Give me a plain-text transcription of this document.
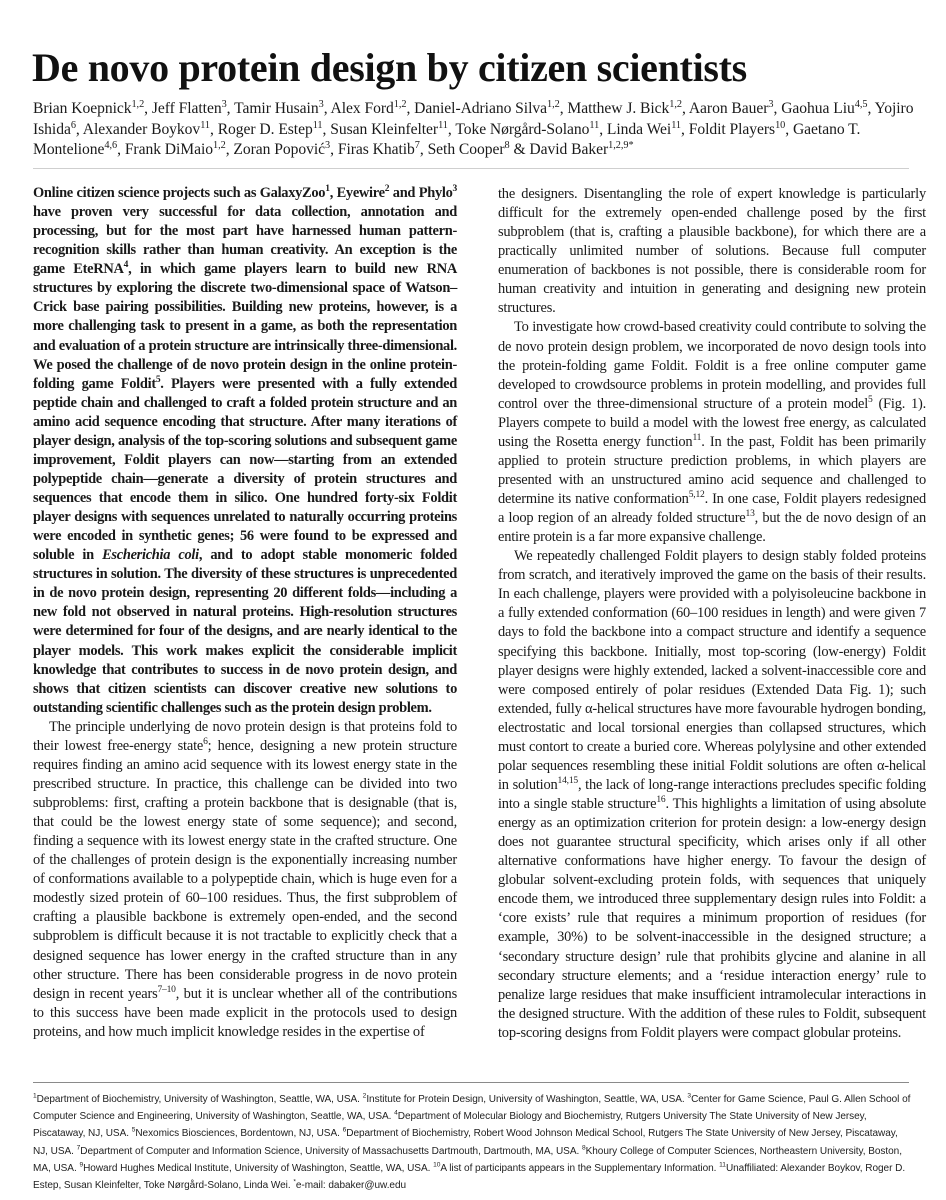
De novo protein design by citizen scientists
Brian Koepnick$^{1,2}$, Jeff Flatten$^3$, Tamir Husain$^3$, Alex Ford$^{1,2}$, Daniel-Adriano Silva$^{1,2}$, Matthew J. Bick$^{1,2}$, Aaron Bauer$^3$, Gaohua Liu$^{4,5}$, Yojiro Ishida$^6$, Alexander Boykov$^{11}$, Roger D. Estep$^{11}$, Susan Kleinfelter$^{11}$, Toke Nørgård-Solano$^{11}$, Linda Wei$^{11}$, Foldit Players$^{10}$, Gaetano T. Montelione$^{4,6}$, Frank DiMaio$^{1,2}$, Zoran Popović$^3$, Firas Khatib$^7$, Seth Cooper$^8$ & David Baker$^{1,2,9*}$

Online citizen science projects such as GalaxyZoo$^1$, Eyewire$^2$ and Phylo$^3$ have proven very successful for data collection, annotation and processing, but for the most part have harnessed human pattern-recognition skills rather than human creativity. An exception is the game EteRNA$^4$, in which game players learn to build new RNA structures by exploring the discrete two-dimensional space of Watson–Crick base pairing possibilities. Building new proteins, however, is a more challenging task to present in a game, as both the representation and evaluation of a protein structure are intrinsically three-dimensional. We posed the challenge of de novo protein design in the online protein-folding game Foldit$^5$. Players were presented with a fully extended peptide chain and challenged to craft a folded protein structure and an amino acid sequence encoding that structure. After many iterations of player design, analysis of the top-scoring solutions and subsequent game improvement, Foldit players can now—starting from an extended polypeptide chain—generate a diversity of protein structures and sequences that encode them in silico. One hundred forty-six Foldit player designs with sequences unrelated to naturally occurring proteins were encoded in synthetic genes; 56 were found to be expressed and soluble in Escherichia coli, and to adopt stable monomeric folded structures in solution. The diversity of these structures is unprecedented in de novo protein design, representing 20 different folds—including a new fold not observed in natural proteins. High-resolution structures were determined for four of the designs, and are nearly identical to the player models. This work makes explicit the considerable implicit knowledge that contributes to success in de novo protein design, and shows that citizen scientists can discover creative new solutions to outstanding scientific challenges such as the protein design problem.

The principle underlying de novo protein design is that proteins fold to their lowest free-energy state$^6$; hence, designing a new protein structure requires finding an amino acid sequence with its lowest energy state in the prescribed structure. In practice, this challenge can be divided into two subproblems: first, crafting a protein backbone that is designable (that is, that could be the lowest energy state of some sequence); and second, finding a sequence with its lowest energy state in the crafted structure. One of the challenges of protein design is the exponentially increasing number of conformations available to a polypeptide chain, which is huge even for a modestly sized protein of 60–100 residues. Thus, the first subproblem of crafting a plausible backbone is extremely open-ended, and the second subproblem is difficult because it is not tractable to explicitly check that a designed sequence has lower energy in the crafted structure than in any other structure. There has been considerable progress in de novo protein design in recent years$^{7-10}$, but it is unclear whether all of the contributions to this success have been made explicit in the protocols used to design proteins, and how much implicit knowledge resides in the expertise of

the designers. Disentangling the role of expert knowledge is particularly difficult for the extremely open-ended challenge posed by the first subproblem (that is, crafting a plausible backbone), for which there are a practically unlimited number of solutions. Because full computer enumeration of backbones is not possible, there is considerable room for human creativity and intuition in generating and designing new protein structures.

To investigate how crowd-based creativity could contribute to solving the de novo protein design problem, we incorporated de novo design tools into the protein-folding game Foldit. Foldit is a free online computer game developed to crowdsource problems in protein modelling, and provides full control over the three-dimensional structure of a protein model$^5$ (Fig. 1). Players compete to build a model with the lowest free energy, as calculated using the Rosetta energy function$^{11}$. In the past, Foldit has been primarily applied to protein structure prediction problems, in which players are presented with an unstructured amino acid sequence and challenged to determine its native conformation$^{5,12}$. In one case, Foldit players redesigned a loop region of an already folded structure$^{13}$, but the de novo design of an entire protein is a far more expansive challenge.

We repeatedly challenged Foldit players to design stably folded proteins from scratch, and iteratively improved the game on the basis of their results. In each challenge, players were provided with a polyisoleucine backbone in a fully extended conformation (60–100 residues in length) and were given 7 days to fold the backbone into a compact structure and identify a sequence specifying this backbone. Initially, most top-scoring (low-energy) Foldit player designs were highly extended, lacked a solvent-inaccessible core and were composed entirely of polar residues (Extended Data Fig. 1); such extended, fully α-helical structures have more favourable hydrogen bonding, electrostatic and local torsional energies than collapsed structures, which must contort to create a buried core. Whereas polylysine and other extended polar sequences resembling these initial Foldit solutions are often α-helical in solution$^{14,15}$, the lack of long-range interactions precludes specific folding into a single stable structure$^{16}$. This highlights a limitation of using absolute energy as an optimization criterion for protein design: a low-energy design does not guarantee structural specificity, which arises only if all other alternative conformations have higher energy. To favour the design of globular solvent-excluding protein folds, with sequences that uniquely encode them, we introduced three supplementary design rules into Foldit: a ‘core exists’ rule that requires a minimum proportion of residues (for example, 30%) to be solvent-inaccessible in the designed structure; a ‘secondary structure design’ rule that prohibits glycine and alanine in all secondary structure elements; and a ‘residue interaction energy’ rule to penalize large residues that make insufficient intramolecular interactions in the designed structure. With the addition of these rules to Foldit, subsequent top-scoring designs from Foldit players were compact globular proteins.

$^1$Department of Biochemistry, University of Washington, Seattle, WA, USA. $^2$Institute for Protein Design, University of Washington, Seattle, WA, USA. $^3$Center for Game Science, Paul G. Allen School of Computer Science and Engineering, University of Washington, Seattle, WA, USA. $^4$Department of Molecular Biology and Biochemistry, Rutgers University The State University of New Jersey, Piscataway, NJ, USA. $^5$Nexomics Biosciences, Bordentown, NJ, USA. $^6$Department of Biochemistry, Robert Wood Johnson Medical School, Rutgers The State University of New Jersey, Piscataway, NJ, USA. $^7$Department of Computer and Information Science, University of Massachusetts Dartmouth, Dartmouth, MA, USA. $^8$Khoury College of Computer Sciences, Northeastern University, Boston, MA, USA. $^9$Howard Hughes Medical Institute, University of Washington, Seattle, WA, USA. $^{10}$A list of participants appears in the Supplementary Information. $^{11}$Unaffiliated: Alexander Boykov, Roger D. Estep, Susan Kleinfelter, Toke Nørgård-Solano, Linda Wei. *e-mail: dabaker@uw.edu
